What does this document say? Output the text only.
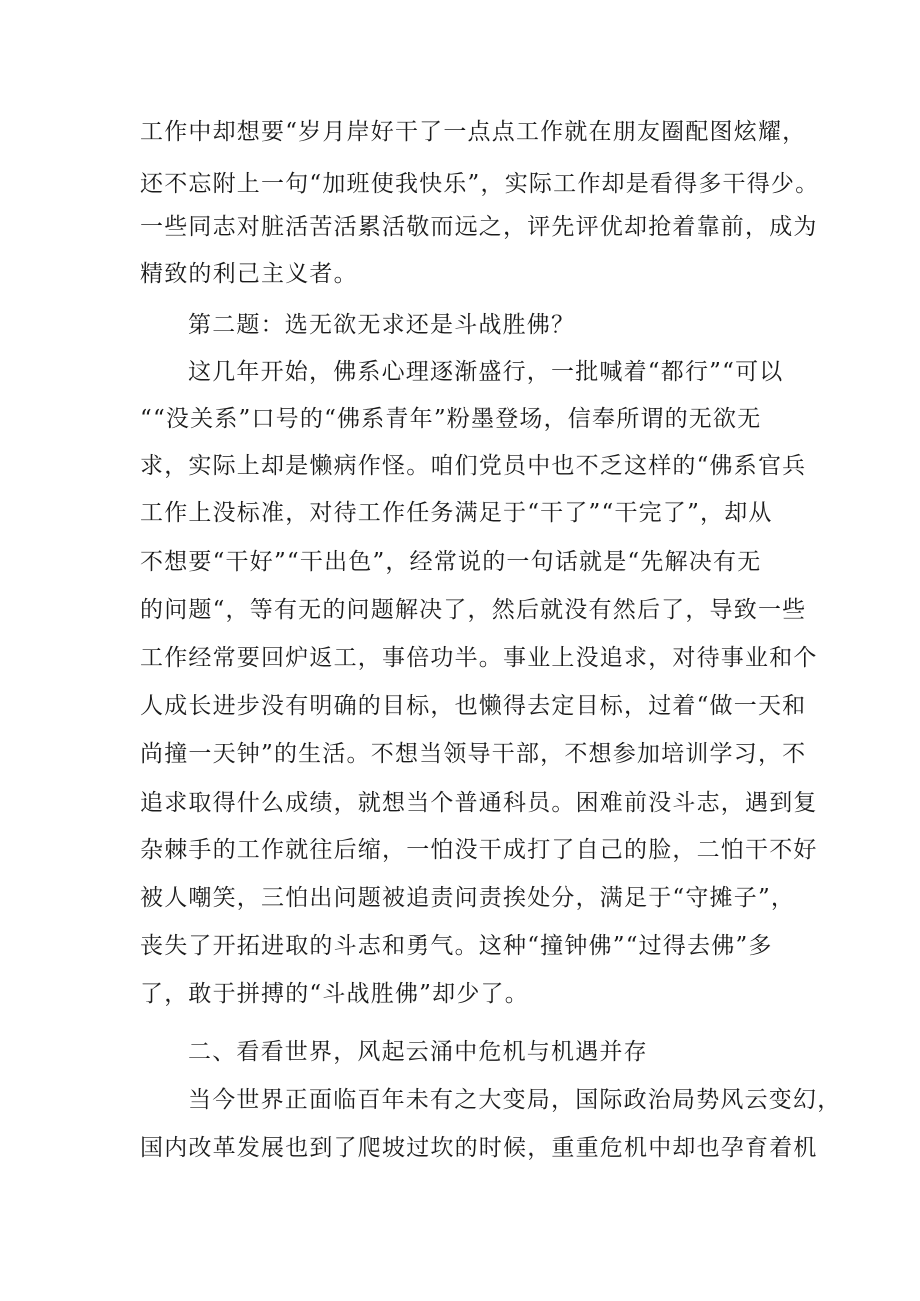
工作中却想要“岁月岸好干了一点点工作就在朋友圈配图炫耀，
还不忘附上一句“加班使我快乐”，实际工作却是看得多干得少。
一些同志对脏活苦活累活敬而远之，评先评优却抢着靠前，成为
精致的利己主义者。
第二题：选无欲无求还是斗战胜佛？
这几年开始，佛系心理逐渐盛行，一批喊着“都行”“可以
““没关系”口号的“佛系青年”粉墨登场，信奉所谓的无欲无
求，实际上却是懒病作怪。咱们党员中也不乏这样的“佛系官兵
工作上没标准，对待工作任务满足于“干了”“干完了”，却从
不想要“干好”“干出色”，经常说的一句话就是“先解决有无
的问题“，等有无的问题解决了，然后就没有然后了，导致一些
工作经常要回炉返工，事倍功半。事业上没追求，对待事业和个
人成长进步没有明确的目标，也懒得去定目标，过着“做一天和
尚撞一天钟”的生活。不想当领导干部，不想参加培训学习，不
追求取得什么成绩，就想当个普通科员。困难前没斗志，遇到复
杂棘手的工作就往后缩，一怕没干成打了自己的脸，二怕干不好
被人嘲笑，三怕出问题被追责问责挨处分，满足于“守摊子”，
丧失了开拓进取的斗志和勇气。这种“撞钟佛”“过得去佛”多
了，敢于拼搏的“斗战胜佛”却少了。
二、看看世界，风起云涌中危机与机遇并存
当今世界正面临百年未有之大变局，国际政治局势风云变幻，
国内改革发展也到了爬坡过坎的时候，重重危机中却也孕育着机
